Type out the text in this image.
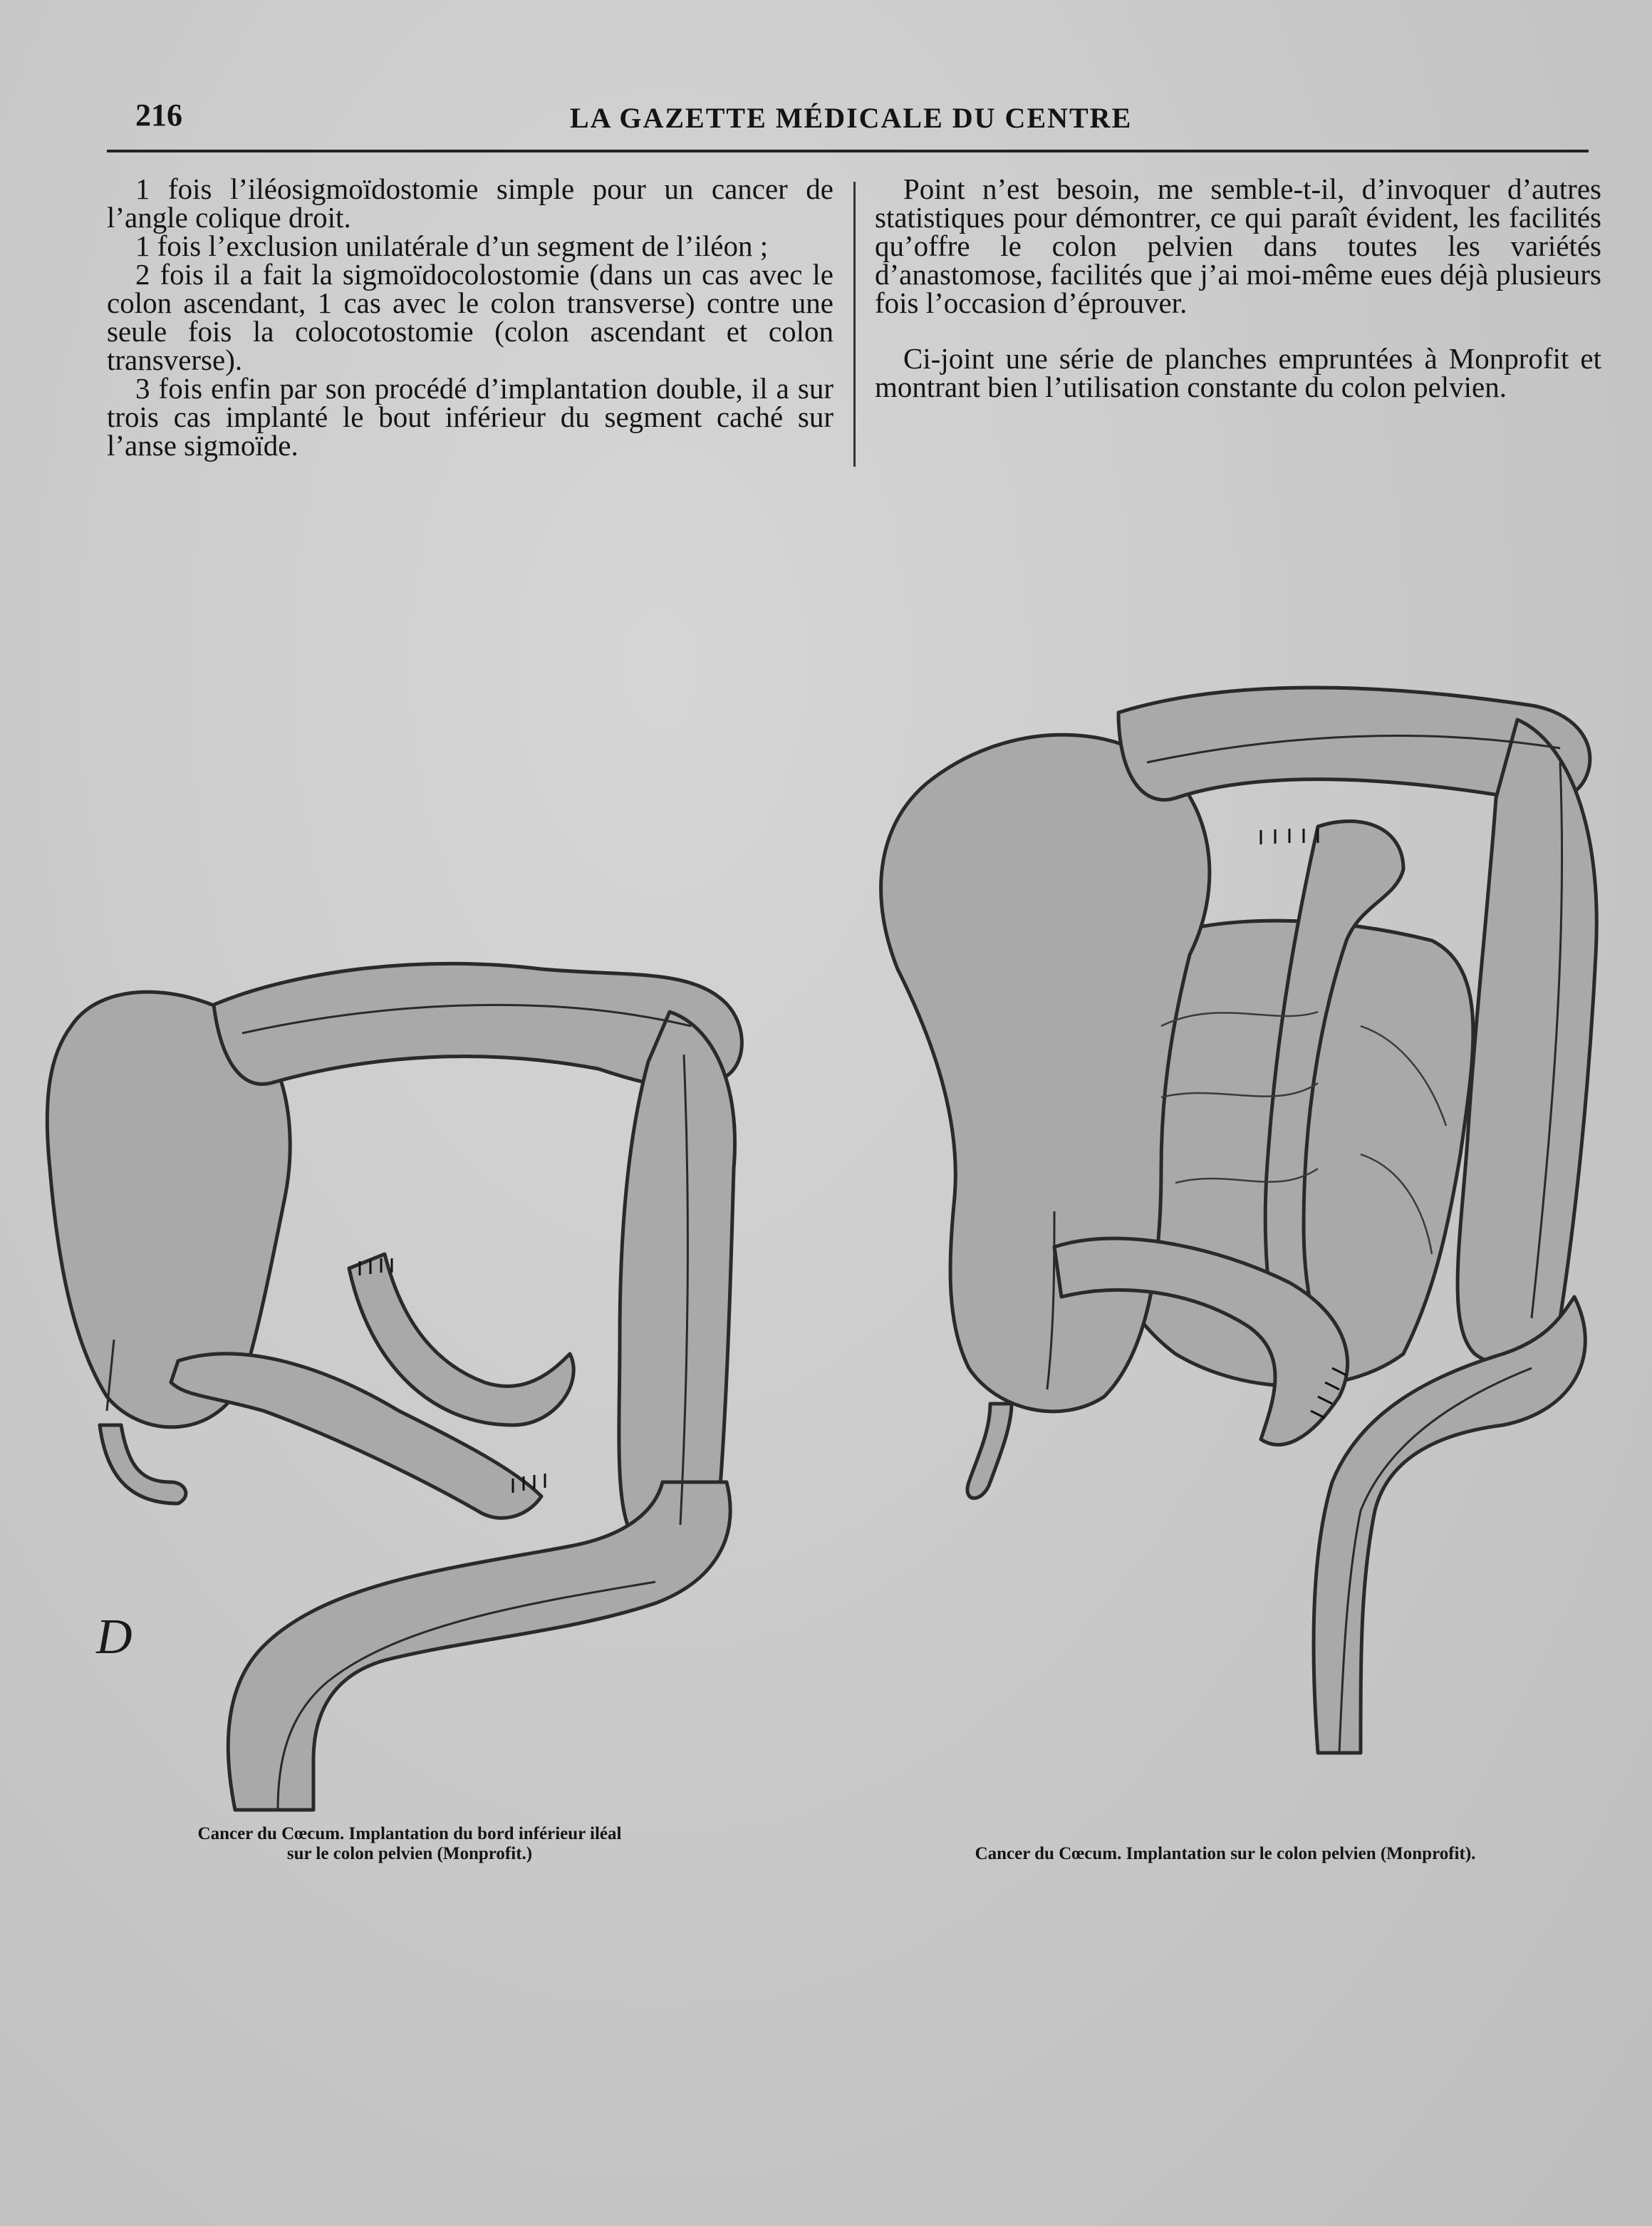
216	LA GAZETTE MÉDICALE DU CENTRE

1 fois l’iléosigmoïdostomie simple pour un cancer de l’angle colique droit.

1 fois l’exclusion unilatérale d’un segment de l’iléon ;

2 fois il a fait la sigmoïdocolostomie (dans un cas avec le colon ascendant, 1 cas avec le colon transverse) contre une seule fois la colocotostomie (colon ascendant et colon transverse).

3 fois enfin par son procédé d’implantation double, il a sur trois cas implanté le bout inférieur du segment caché sur l’anse sigmoïde.

Point n’est besoin, me semble-t-il, d’invoquer d’autres statistiques pour démontrer, ce qui paraît évident, les facilités qu’offre le colon pelvien dans toutes les variétés d’anastomose, facilités que j’ai moi-même eues déjà plusieurs fois l’occasion d’éprouver.

Ci-joint une série de planches empruntées à Monprofit et montrant bien l’utilisation constante du colon pelvien.

D
Cancer du Cœcum. Implantation du bord inférieur iléal
sur le colon pelvien (Monprofit.)	Cancer du Cœcum. Implantation sur le colon pelvien (Monprofit).
